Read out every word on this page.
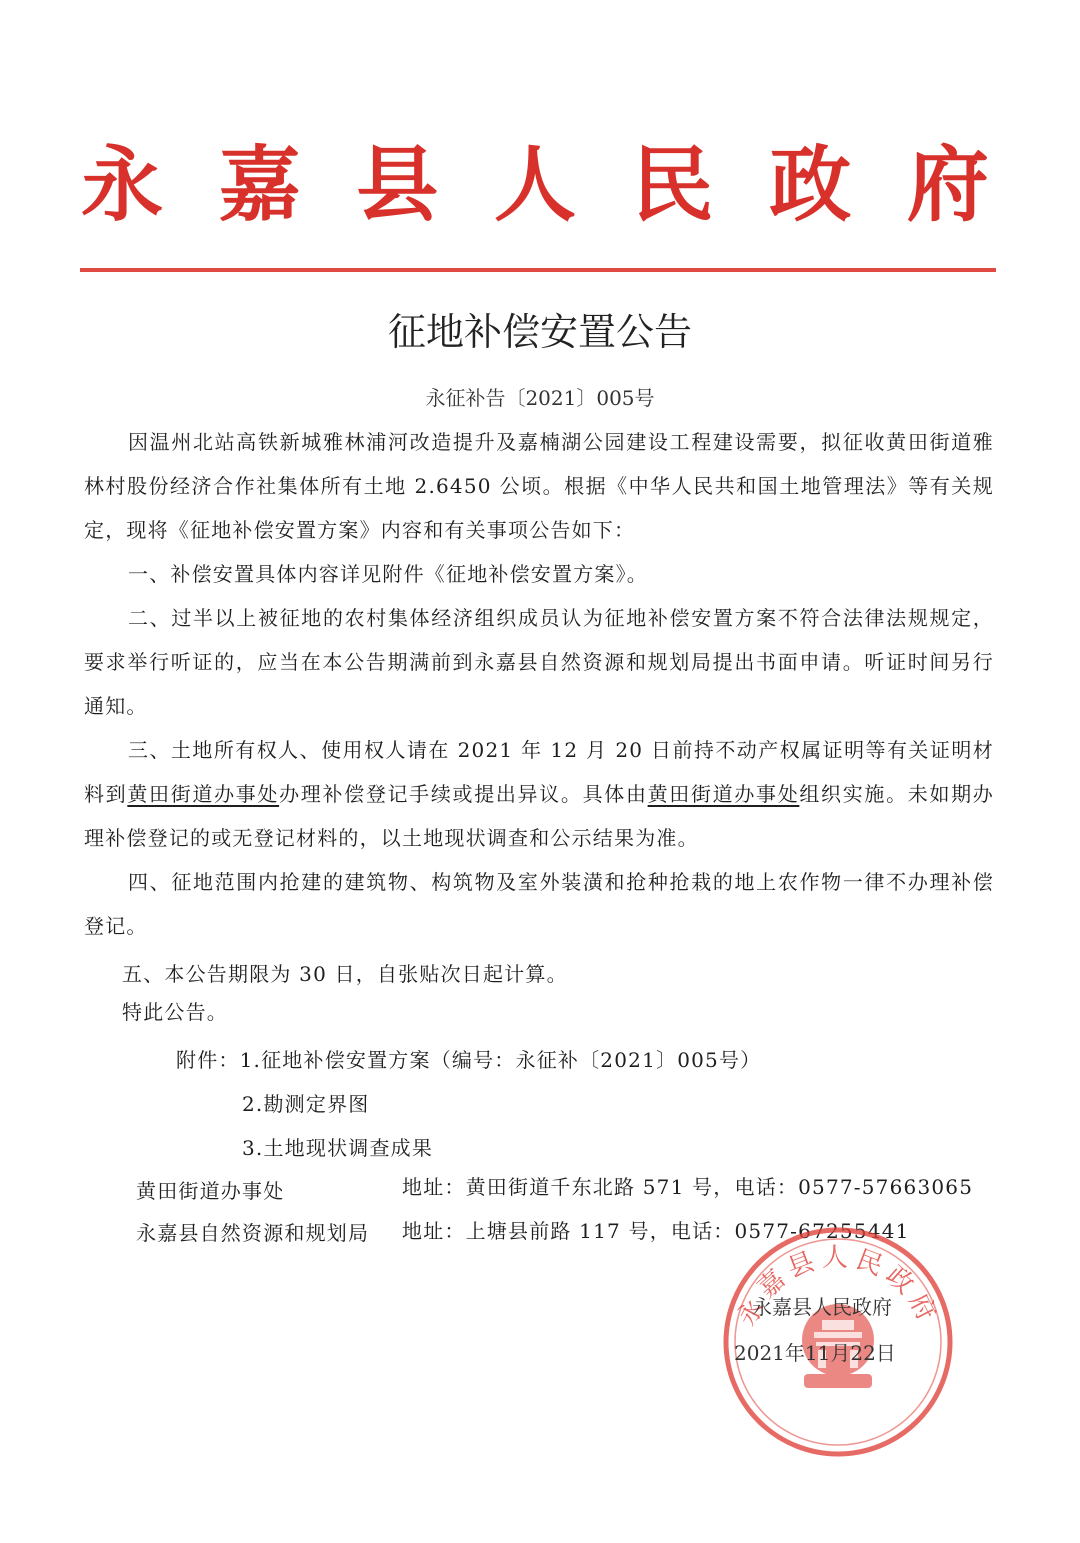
永 嘉 县 人 民 政 府
征地补偿安置公告
永征补告〔2021〕005号

因温州北站高铁新城雅林浦河改造提升及嘉楠湖公园建设工程建设需要，拟征收黄田街道雅林村股份经济合作社集体所有土地 2.6450 公顷。根据《中华人民共和国土地管理法》等有关规定，现将《征地补偿安置方案》内容和有关事项公告如下：

一、补偿安置具体内容详见附件《征地补偿安置方案》。

二、过半以上被征地的农村集体经济组织成员认为征地补偿安置方案不符合法律法规规定，要求举行听证的，应当在本公告期满前到永嘉县自然资源和规划局提出书面申请。听证时间另行通知。

三、土地所有权人、使用权人请在 2021 年 12 月 20 日前持不动产权属证明等有关证明材料到黄田街道办事处办理补偿登记手续或提出异议。具体由黄田街道办事处组织实施。未如期办理补偿登记的或无登记材料的，以土地现状调查和公示结果为准。

四、征地范围内抢建的建筑物、构筑物及室外装潢和抢种抢栽的地上农作物一律不办理补偿登记。

五、本公告期限为 30 日，自张贴次日起计算。
特此公告。
附件：1.征地补偿安置方案（编号：永征补〔2021〕005号）
2.勘测定界图
3.土地现状调查成果
黄田街道办事处	地址：黄田街道千东北路 571 号，电话：0577-57663065
永嘉县自然资源和规划局 地址：上塘县前路 117 号，电话：0577-67255441
永嘉县人民政府
永嘉县人民政府
2021年11月22日
